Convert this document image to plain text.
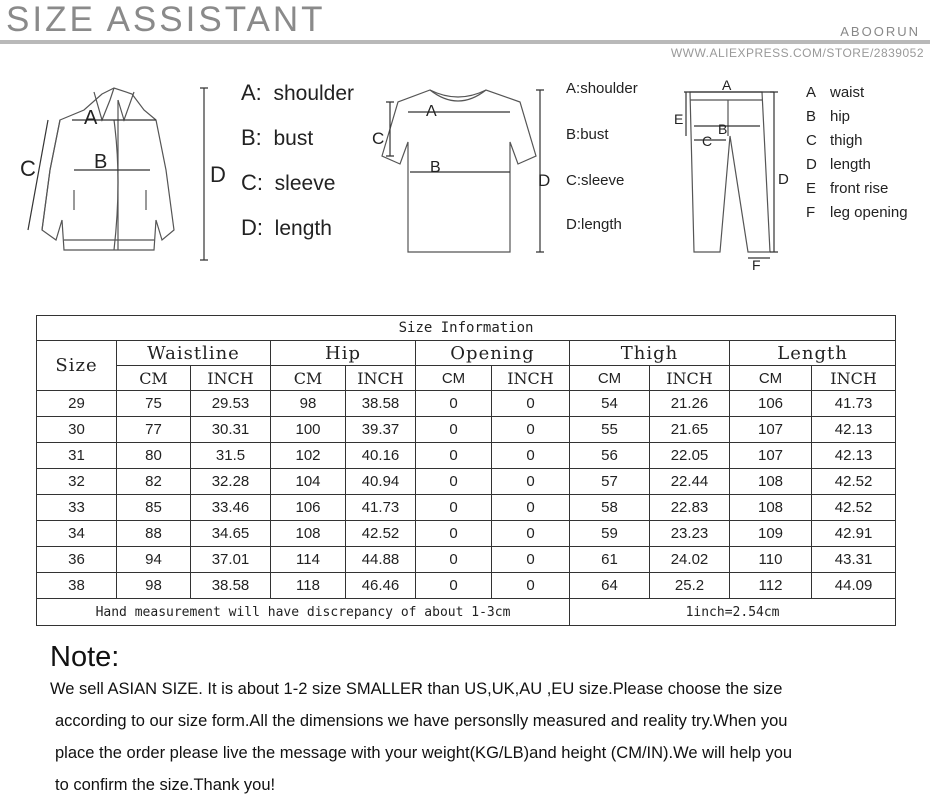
SIZE ASSISTANT	ABOORUN
WWW.ALIEXPRESS.COM/STORE/2839052
A
B
C	D
A: shoulder
B: bust
C: sleeve
D: length
A
B
C
D
A:shoulder
B:bust
C:sleeve
D:length
A
B
C
D
E
F
A waist
B hip
C thigh
D length
E front rise
F leg opening
Size Information										
Size	Waistline		Hip		Opening		Thigh		Length	
	CM	INCH	CM	INCH	CM	INCH	CM	INCH	CM	INCH
29	75	29.53	98	38.58	0	0	54	21.26	106	41.73
30	77	30.31	100	39.37	0	0	55	21.65	107	42.13
31	80	31.5	102	40.16	0	0	56	22.05	107	42.13
32	82	32.28	104	40.94	0	0	57	22.44	108	42.52
33	85	33.46	106	41.73	0	0	58	22.83	108	42.52
34	88	34.65	108	42.52	0	0	59	23.23	109	42.91
36	94	37.01	114	44.88	0	0	61	24.02	110	43.31
38	98	38.58	118	46.46	0	0	64	25.2	112	44.09
Hand measurement will have discrepancy of about 1-3cm							1inch=2.54cm			
Note:
We sell ASIAN SIZE. It is about 1-2 size SMALLER than US,UK,AU ,EU size.Please choose the size
according to our size form.All the dimensions we have personslly measured and reality try.When you
place the order please live the message with your weight(KG/LB)and height (CM/IN).We will help you
to confirm the size.Thank you!
